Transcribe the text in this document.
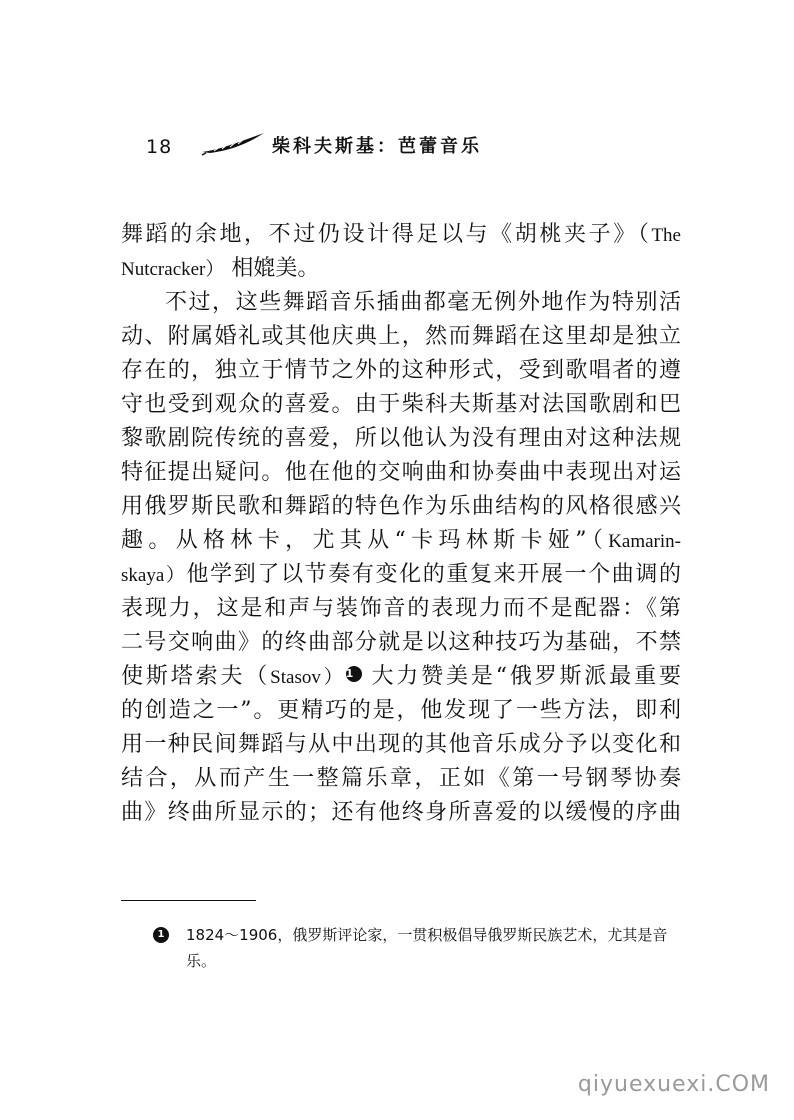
18	柴科夫斯基：芭蕾音乐
舞蹈的余地，不过仍设计得足以与《胡桃夹子》（The
Nutcracker） 相媲美。
不过，这些舞蹈音乐插曲都毫无例外地作为特别活
动、附属婚礼或其他庆典上，然而舞蹈在这里却是独立
存在的，独立于情节之外的这种形式，受到歌唱者的遵
守也受到观众的喜爱。由于柴科夫斯基对法国歌剧和巴
黎歌剧院传统的喜爱，所以他认为没有理由对这种法规
特征提出疑问。他在他的交响曲和协奏曲中表现出对运
用俄罗斯民歌和舞蹈的特色作为乐曲结构的风格很感兴
趣。从格林卡，尤其从“卡玛林斯卡娅”（Kamarin-
skaya）他学到了以节奏有变化的重复来开展一个曲调的
表现力，这是和声与装饰音的表现力而不是配器：《第
二号交响曲》的终曲部分就是以这种技巧为基础，不禁
使斯塔索夫（Stasov）1 大力赞美是“俄罗斯派最重要
的创造之一”。更精巧的是，他发现了一些方法，即利
用一种民间舞蹈与从中出现的其他音乐成分予以变化和
结合，从而产生一整篇乐章，正如《第一号钢琴协奏
曲》终曲所显示的；还有他终身所喜爱的以缓慢的序曲
1	1824～1906，俄罗斯评论家，一贯积极倡导俄罗斯民族艺术，尤其是音乐。
qiyuexuexi.COM
